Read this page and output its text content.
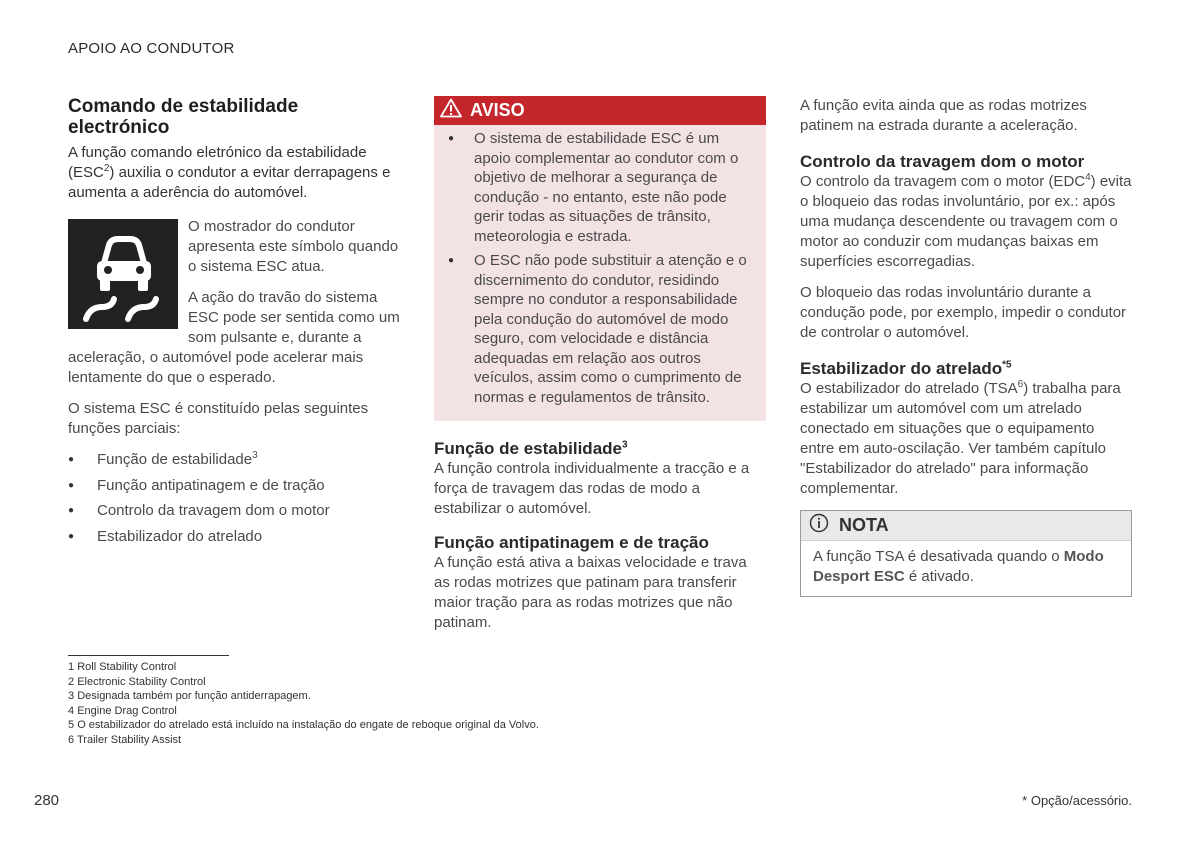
APOIO AO CONDUTOR
Comando de estabilidade electrónico

A função comando eletrónico da estabilidade (ESC$^2$) auxilia o condutor a evitar derrapagens e aumenta a aderência do automóvel.

O mostrador do condutor apresenta este símbolo quando o sistema ESC atua.

A ação do travão do sistema ESC pode ser sentida como um som pulsante e, durante a aceleração, o automóvel pode acelerar mais lentamente do que o esperado.

O sistema ESC é constituído pelas seguintes funções parciais:

● Função de estabilidade$^3$
● Função antipatinagem e de tração
● Controlo da travagem dom o motor
● Estabilizador do atrelado
AVISO
● O sistema de estabilidade ESC é um apoio complementar ao condutor com o objetivo de melhorar a segurança de condução - no entanto, este não pode gerir todas as situações de trânsito, meteorologia e estrada.
● O ESC não pode substituir a atenção e o discernimento do condutor, residindo sempre no condutor a responsabilidade pela condução do automóvel de modo seguro, com velocidade e distância adequadas em relação aos outros veículos, assim como o cumprimento de normas e regulamentos de trânsito.
Função de estabilidade$^3$

A função controla individualmente a tracção e a força de travagem das rodas de modo a estabilizar o automóvel.

Função antipatinagem e de tração

A função está ativa a baixas velocidade e trava as rodas motrizes que patinam para transferir maior tração para as rodas motrizes que não patinam.

A função evita ainda que as rodas motrizes patinem na estrada durante a aceleração.

Controlo da travagem dom o motor

O controlo da travagem com o motor (EDC$^4$) evita o bloqueio das rodas involuntário, por ex.: após uma mudança descendente ou travagem com o motor ao conduzir com mudanças baixas em superfícies escorregadias.

O bloqueio das rodas involuntário durante a condução pode, por exemplo, impedir o condutor de controlar o automóvel.

Estabilizador do atrelado$^{*5}$

O estabilizador do atrelado (TSA$^6$) trabalha para estabilizar um automóvel com um atrelado conectado em situações que o equipamento entre em auto-oscilação. Ver também capítulo "Estabilizador do atrelado" para informação complementar.

NOTA
A função TSA é desativada quando o Modo Desport ESC é ativado.
1 Roll Stability Control
2 Electronic Stability Control
3 Designada também por função antiderrapagem.
4 Engine Drag Control
5 O estabilizador do atrelado está incluído na instalação do engate de reboque original da Volvo.
6 Trailer Stability Assist
280	* Opção/acessório.
